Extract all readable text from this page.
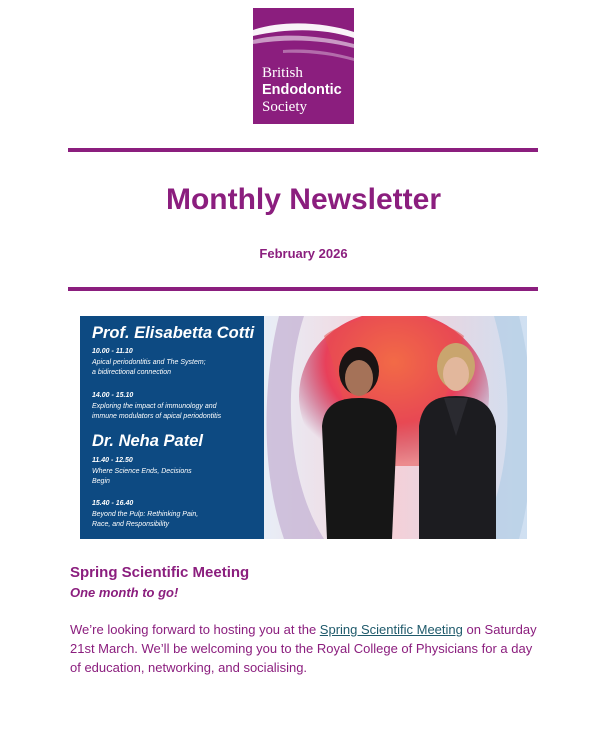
British
Endodontic
Society
Monthly Newsletter
February 2026
Prof. Elisabetta Cotti
10.00 - 11.10
Apical periodontitis and The System;
a bidirectional connection
14.00 - 15.10
Exploring the impact of immunology and
immune modulators of apical periodontitis
Dr. Neha Patel
11.40 - 12.50
Where Science Ends, Decisions
Begin
15.40 - 16.40
Beyond the Pulp: Rethinking Pain,
Race, and Responsibility
Spring Scientific Meeting
One month to go!
We’re looking forward to hosting you at the Spring Scientific Meeting on Saturday 21st March. We’ll be welcoming you to the Royal College of Physicians for a day of education, networking, and socialising.
